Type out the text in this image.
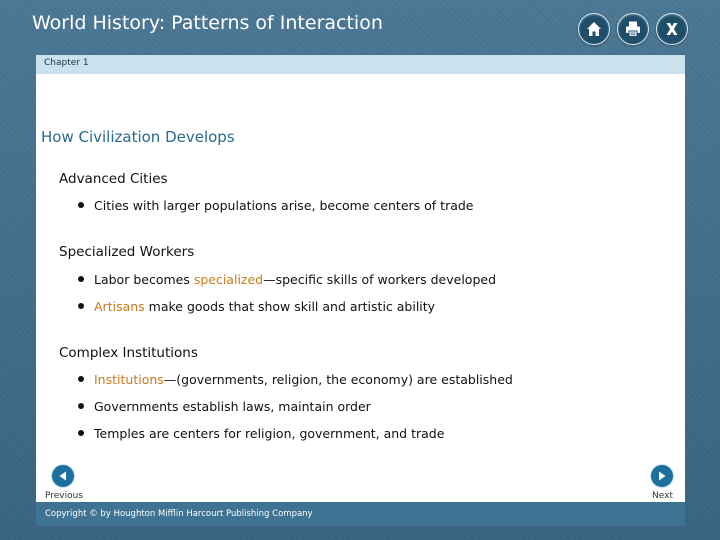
World History: Patterns of Interaction
Chapter 1
How Civilization Develops
Advanced Cities
Cities with larger populations arise, become centers of trade
Specialized Workers
Labor becomes specialized—specific skills of workers developed
Artisans make goods that show skill and artistic ability
Complex Institutions
Institutions—(governments, religion, the economy) are established
Governments establish laws, maintain order
Temples are centers for religion, government, and trade
Previous	Next
Copyright © by Houghton Mifflin Harcourt Publishing Company
